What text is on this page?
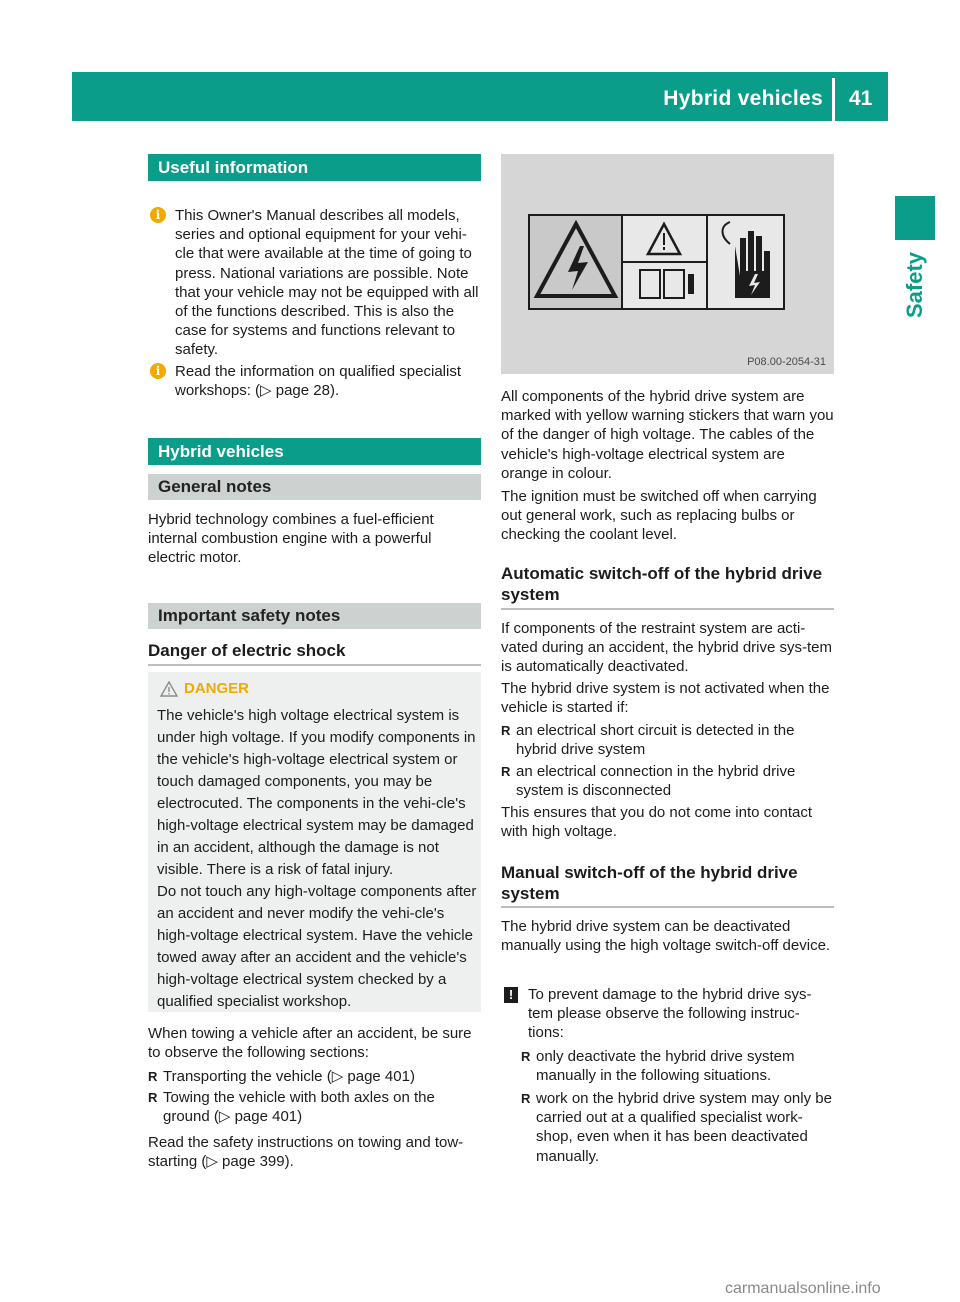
Hybrid vehicles 41
Safety
Useful information
i This Owner's Manual describes all models, series and optional equipment for your vehi-cle that were available at the time of going to press. National variations are possible. Note that your vehicle may not be equipped with all of the functions described. This is also the case for systems and functions relevant to safety.

i Read the information on qualified specialist workshops: (▷ page 28).

Hybrid vehicles
General notes
Hybrid technology combines a fuel-efficient internal combustion engine with a powerful electric motor.
Important safety notes
Danger of electric shock
DANGER
The vehicle's high voltage electrical system is under high voltage. If you modify components in the vehicle's high-voltage electrical system or touch damaged components, you may be electrocuted. The components in the vehi-cle's high-voltage electrical system may be damaged in an accident, although the damage is not visible. There is a risk of fatal injury.
Do not touch any high-voltage components after an accident and never modify the vehi-cle's high-voltage electrical system. Have the vehicle towed away after an accident and the vehicle's high-voltage electrical system checked by a qualified specialist workshop.
When towing a vehicle after an accident, be sure to observe the following sections:
R Transporting the vehicle (▷ page 401)
R Towing the vehicle with both axles on the ground (▷ page 401)
Read the safety instructions on towing and tow-starting (▷ page 399).
P08.00-2054-31
All components of the hybrid drive system are marked with yellow warning stickers that warn you of the danger of high voltage. The cables of the vehicle's high-voltage electrical system are orange in colour.
The ignition must be switched off when carrying out general work, such as replacing bulbs or checking the coolant level.
Automatic switch-off of the hybrid drive system
If components of the restraint system are acti-vated during an accident, the hybrid drive sys-tem is automatically deactivated.
The hybrid drive system is not activated when the vehicle is started if:
R an electrical short circuit is detected in the hybrid drive system
R an electrical connection in the hybrid drive system is disconnected
This ensures that you do not come into contact with high voltage.
Manual switch-off of the hybrid drive system
The hybrid drive system can be deactivated manually using the high voltage switch-off device.
! To prevent damage to the hybrid drive sys-tem please observe the following instruc-tions:
R only deactivate the hybrid drive system manually in the following situations.
R work on the hybrid drive system may only be carried out at a qualified specialist work-shop, even when it has been deactivated manually.
carmanualsonline.info
